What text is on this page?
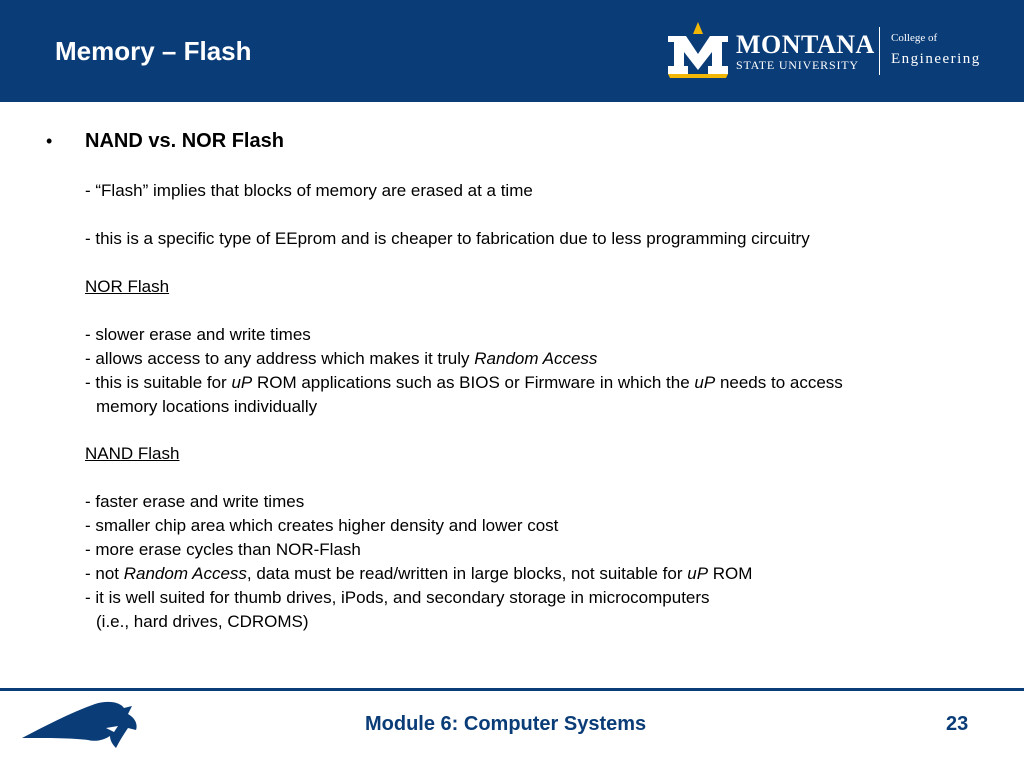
Memory – Flash	MONTANA
STATE UNIVERSITY
College of
Engineering
• NAND vs. NOR Flash
- “Flash” implies that blocks of memory are erased at a time
- this is a specific type of EEprom and is cheaper to fabrication due to less programming circuitry
NOR Flash
- slower erase and write times
- allows access to any address which makes it truly Random Access
- this is suitable for uP ROM applications such as BIOS or Firmware in which the uP needs to access
memory locations individually
NAND Flash
- faster erase and write times
- smaller chip area which creates higher density and lower cost
- more erase cycles than NOR-Flash
- not Random Access, data must be read/written in large blocks, not suitable for uP ROM
- it is well suited for thumb drives, iPods, and secondary storage in microcomputers
(i.e., hard drives, CDROMS)
Module 6: Computer Systems	23
